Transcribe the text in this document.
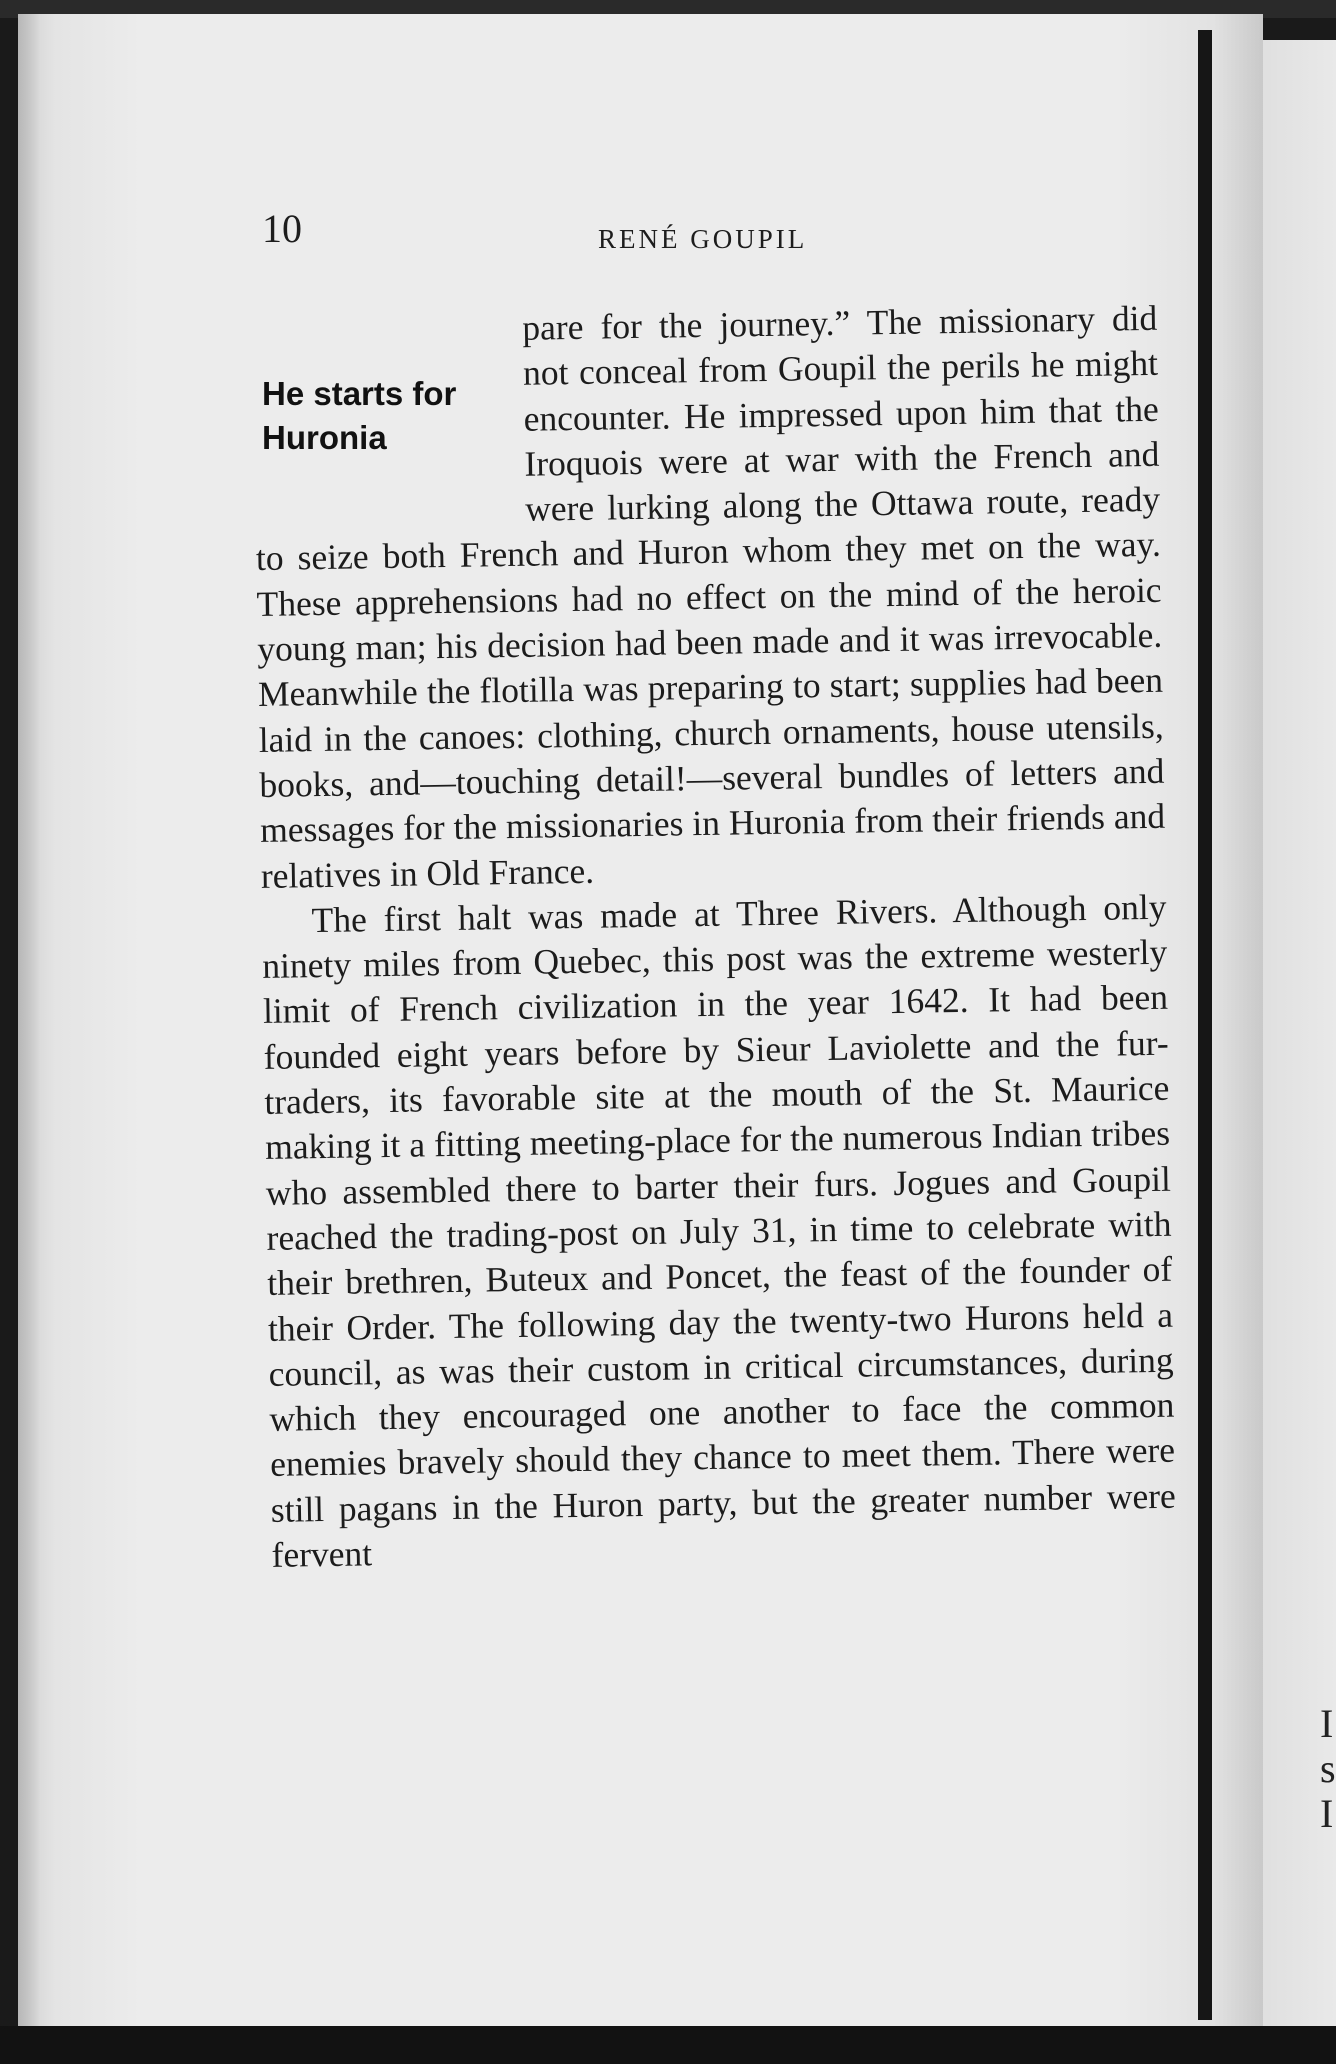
I
s
I
10	RENÉ GOUPIL
He starts for
Huronia

pare for the journey.” The missionary did not conceal from Goupil the perils he might encounter. He impressed upon him that the Iroquois were at war with the French and were lurking along the Ottawa route, ready to seize both French and Huron whom they met on the way. These apprehensions had no effect on the mind of the heroic young man; his decision had been made and it was irrevocable. Meanwhile the flotilla was preparing to start; supplies had been laid in the canoes: clothing, church ornaments, house utensils, books, and—touching detail!—several bundles of letters and messages for the missionaries in Huronia from their friends and relatives in Old France.

The first halt was made at Three Rivers. Although only ninety miles from Quebec, this post was the extreme westerly limit of French civilization in the year 1642. It had been founded eight years before by Sieur Laviolette and the fur-traders, its favorable site at the mouth of the St. Maurice making it a fitting meeting-place for the numerous Indian tribes who assembled there to barter their furs. Jogues and Goupil reached the trading-post on July 31, in time to celebrate with their brethren, Buteux and Poncet, the feast of the founder of their Order. The following day the twenty-two Hurons held a council, as was their custom in critical circumstances, during which they encouraged one another to face the common enemies bravely should they chance to meet them. There were still pagans in the Huron party, but the greater number were fervent
